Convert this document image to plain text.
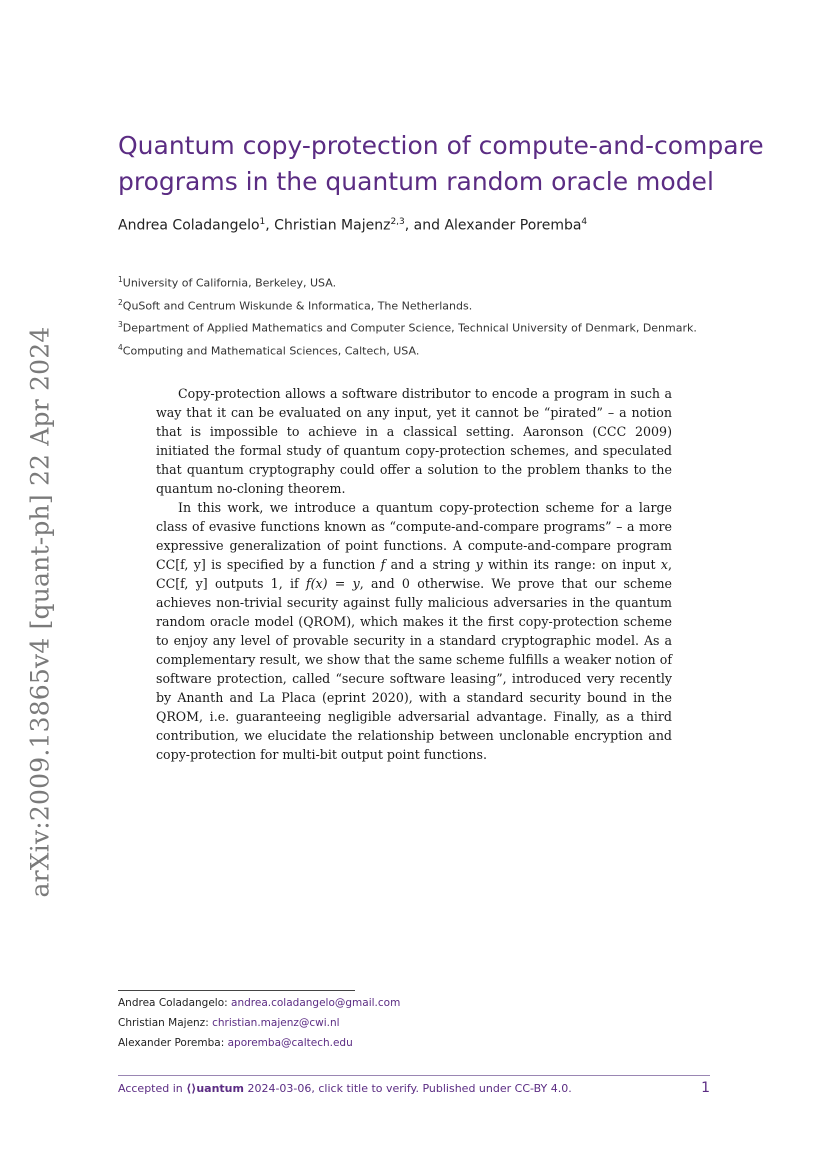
arXiv:2009.13865v4 [quant-ph] 22 Apr 2024
Quantum copy-protection of compute-and-compare
programs in the quantum random oracle model
Andrea Coladangelo$^1$, Christian Majenz$^{2,3}$, and Alexander Poremba$^4$
$^1$University of California, Berkeley, USA.
$^2$QuSoft and Centrum Wiskunde & Informatica, The Netherlands.
$^3$Department of Applied Mathematics and Computer Science, Technical University of Denmark, Denmark.
$^4$Computing and Mathematical Sciences, Caltech, USA.

Copy-protection allows a software distributor to encode a program in such a way that it can be evaluated on any input, yet it cannot be “pirated” – a notion that is impossible to achieve in a classical setting. Aaronson (CCC 2009) initiated the formal study of quantum copy-protection schemes, and speculated that quantum cryptography could offer a solution to the problem thanks to the quantum no-cloning theorem.

In this work, we introduce a quantum copy-protection scheme for a large class of evasive functions known as “compute-and-compare programs” – a more expressive generalization of point functions. A compute-and-compare program CC[f, y] is specified by a function f and a string y within its range: on input x, CC[f, y] outputs 1, if f(x) = y, and 0 otherwise. We prove that our scheme achieves non-trivial security against fully malicious adversaries in the quantum random oracle model (QROM), which makes it the first copy-protection scheme to enjoy any level of provable security in a standard cryptographic model. As a complementary result, we show that the same scheme fulfills a weaker notion of software protection, called “secure software leasing”, introduced very recently by Ananth and La Placa (eprint 2020), with a standard security bound in the QROM, i.e. guaranteeing negligible adversarial advantage. Finally, as a third contribution, we elucidate the relationship between unclonable encryption and copy-protection for multi-bit output point functions.

Andrea Coladangelo: andrea.coladangelo@gmail.com
Christian Majenz: christian.majenz@cwi.nl
Alexander Poremba: aporemba@caltech.edu
Accepted in ⟨⟩uantum 2024-03-06, click title to verify. Published under CC-BY 4.0.	1
